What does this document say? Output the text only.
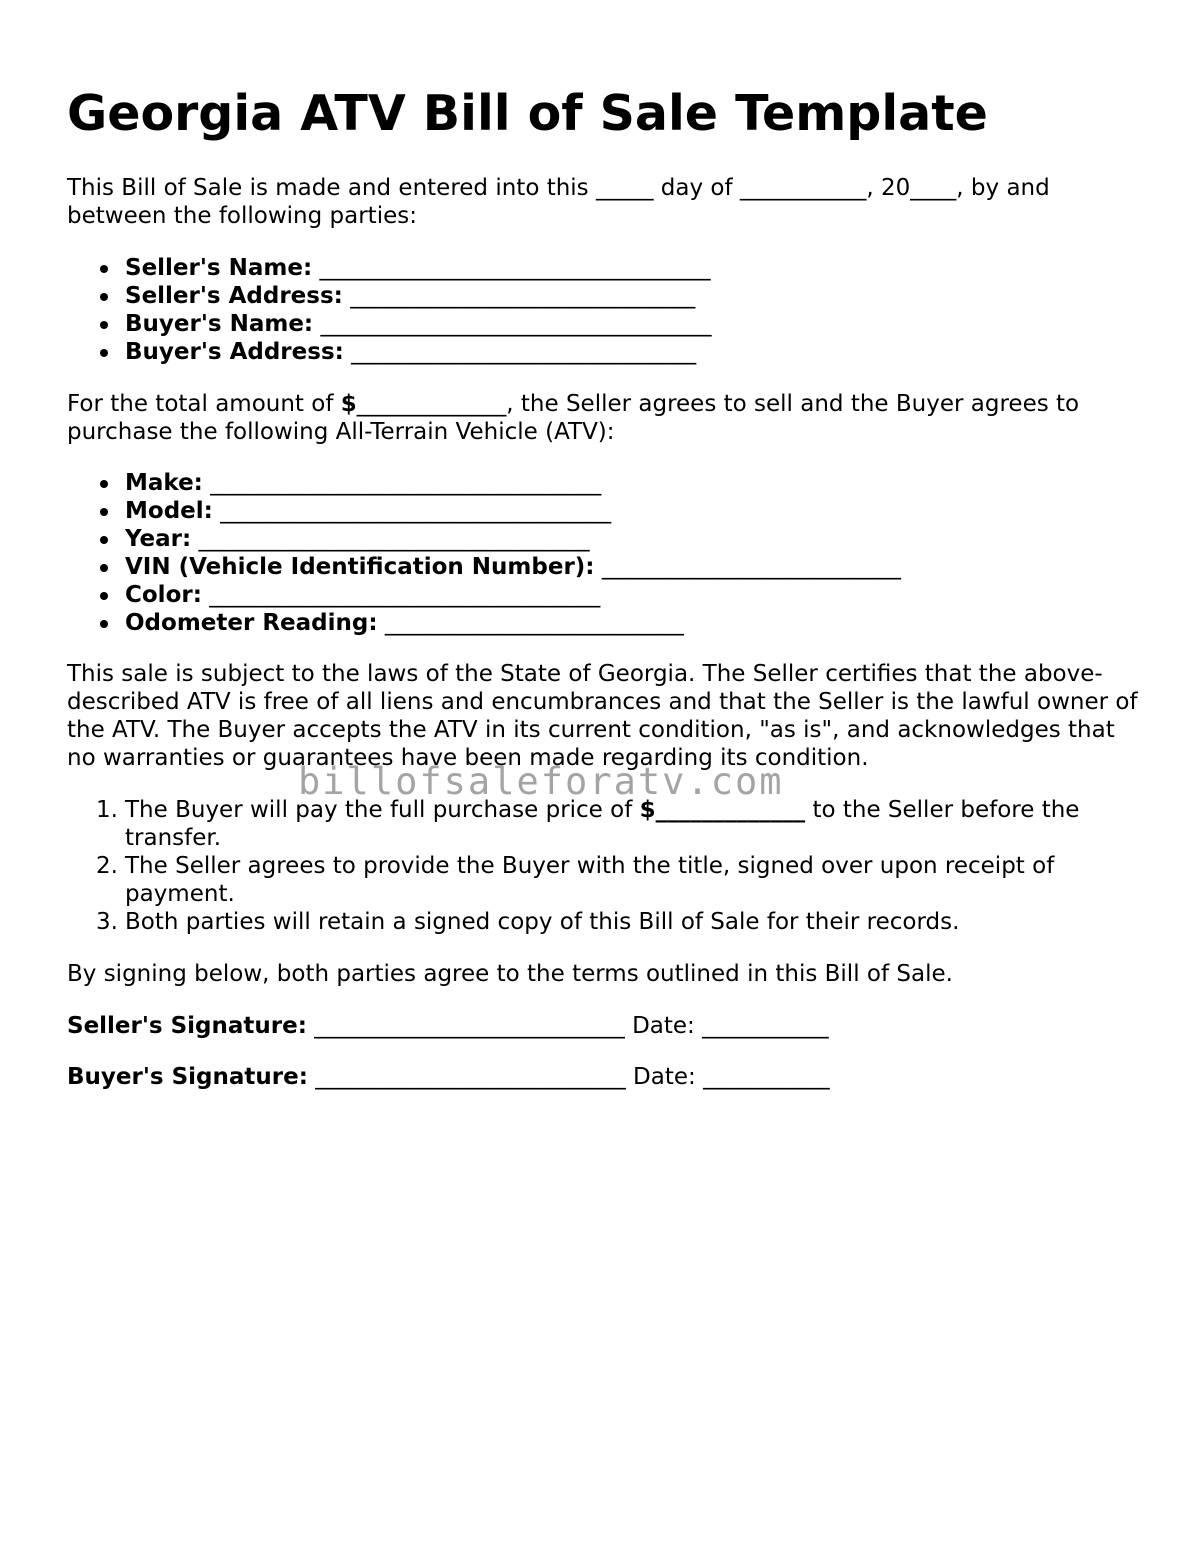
Georgia ATV Bill of Sale Template

This Bill of Sale is made and entered into this _____ day of ___________, 20____, by and between the following parties:

Seller's Name: __________________________________
Seller's Address: ______________________________
Buyer's Name: __________________________________
Buyer's Address: ______________________________

For the total amount of $_____________, the Seller agrees to sell and the Buyer agrees to purchase the following All-Terrain Vehicle (ATV):

Make: __________________________________
Model: __________________________________
Year: __________________________________
VIN (Vehicle Identification Number): __________________________
Color: __________________________________
Odometer Reading: __________________________

This sale is subject to the laws of the State of Georgia. The Seller certifies that the above-described ATV is free of all liens and encumbrances and that the Seller is the lawful owner of the ATV. The Buyer accepts the ATV in its current condition, "as is", and acknowledges that no warranties or guarantees have been made regarding its condition.

1. The Buyer will pay the full purchase price of $_____________ to the Seller before the transfer.
2. The Seller agrees to provide the Buyer with the title, signed over upon receipt of payment.
3. Both parties will retain a signed copy of this Bill of Sale for their records.

By signing below, both parties agree to the terms outlined in this Bill of Sale.

Seller's Signature: ___________________________ Date: ___________
Buyer's Signature: ___________________________ Date: ___________
billofsaleforatv.com
